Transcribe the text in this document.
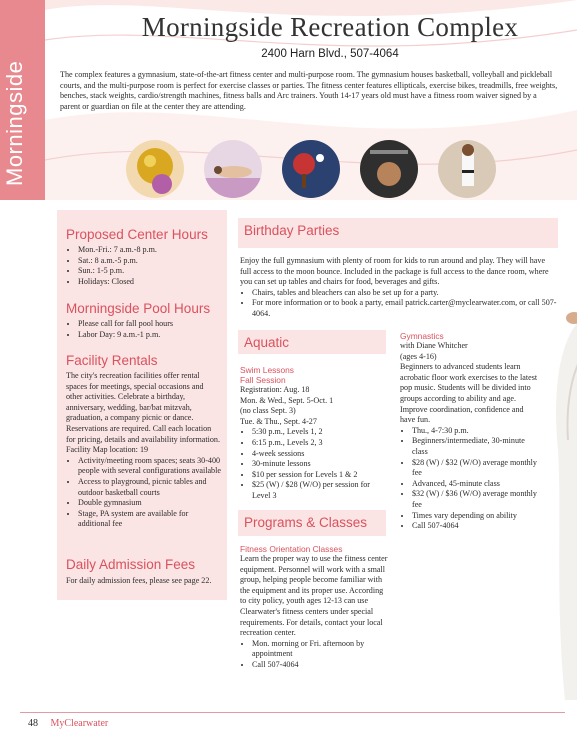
Morningside
Morningside Recreation Complex
2400 Harn Blvd., 507-4064
The complex features a gymnasium, state-of-the-art fitness center and multi-purpose room. The gymnasium houses basketball, volleyball and pickleball courts, and the multi-purpose room is perfect for exercise classes or parties. The fitness center features ellipticals, exercise bikes, treadmills, free weights, benches, stack weights, cardio/strength machines, fitness balls and Arc trainers. Youth 14-17 years old must have a fitness room waiver signed by a parent or guardian on file at the center they are attending.
Proposed Center Hours
• Mon.-Fri.: 7 a.m.-8 p.m.
• Sat.: 8 a.m.-5 p.m.
• Sun.: 1-5 p.m.
• Holidays: Closed
Morningside Pool Hours
• Please call for fall pool hours
• Labor Day: 9 a.m.-1 p.m.
Facility Rentals
The city's recreation facilities offer rental spaces for meetings, special occasions and other activities. Celebrate a birthday, anniversary, wedding, bar/bat mitzvah, graduation, a company picnic or dance. Reservations are required. Call each location for pricing, details and availability information. Facility Map location: 19
• Activity/meeting room spaces; seats 30-400 people with several configurations available
• Access to playground, picnic tables and outdoor basketball courts
• Double gymnasium
• Stage, PA system are available for additional fee
Daily Admission Fees
For daily admission fees, please see page 22.
Birthday Parties
Enjoy the full gymnasium with plenty of room for kids to run around and play. They will have full access to the moon bounce. Included in the package is full access to the dance room, where you can set up tables and chairs for food, beverages and gifts.
• Chairs, tables and bleachers can also be set up for a party.
• For more information or to book a party, email patrick.carter@myclearwater.com, or call 507-4064.
Aquatic
Swim Lessons
Fall Session
Registration: Aug. 18
Mon. & Wed., Sept. 5-Oct. 1
(no class Sept. 3)
Tue. & Thu., Sept. 4-27
• 5:30 p.m., Levels 1, 2
• 6:15 p.m., Levels 2, 3
• 4-week sessions
• 30-minute lessons
• $10 per session for Levels 1 & 2
• $25 (W) / $28 (W/O) per session for Level 3
Programs & Classes
Fitness Orientation Classes
Learn the proper way to use the fitness center equipment. Personnel will work with a small group, helping people become familiar with the equipment and its proper use. According to city policy, youth ages 12-13 can use Clearwater's fitness centers under special requirements. For details, contact your local recreation center.
• Mon. morning or Fri. afternoon by appointment
• Call 507-4064
Gymnastics
with Diane Whitcher
(ages 4-16)
Beginners to advanced students learn acrobatic floor work exercises to the latest pop music. Students will be divided into groups according to ability and age. Improve coordination, confidence and have fun.
• Thu., 4-7:30 p.m.
• Beginners/intermediate, 30-minute class
• $28 (W) / $32 (W/O) average monthly fee
• Advanced, 45-minute class
• $32 (W) / $36 (W/O) average monthly fee
• Times vary depending on ability
• Call 507-4064
48 MyClearwater
